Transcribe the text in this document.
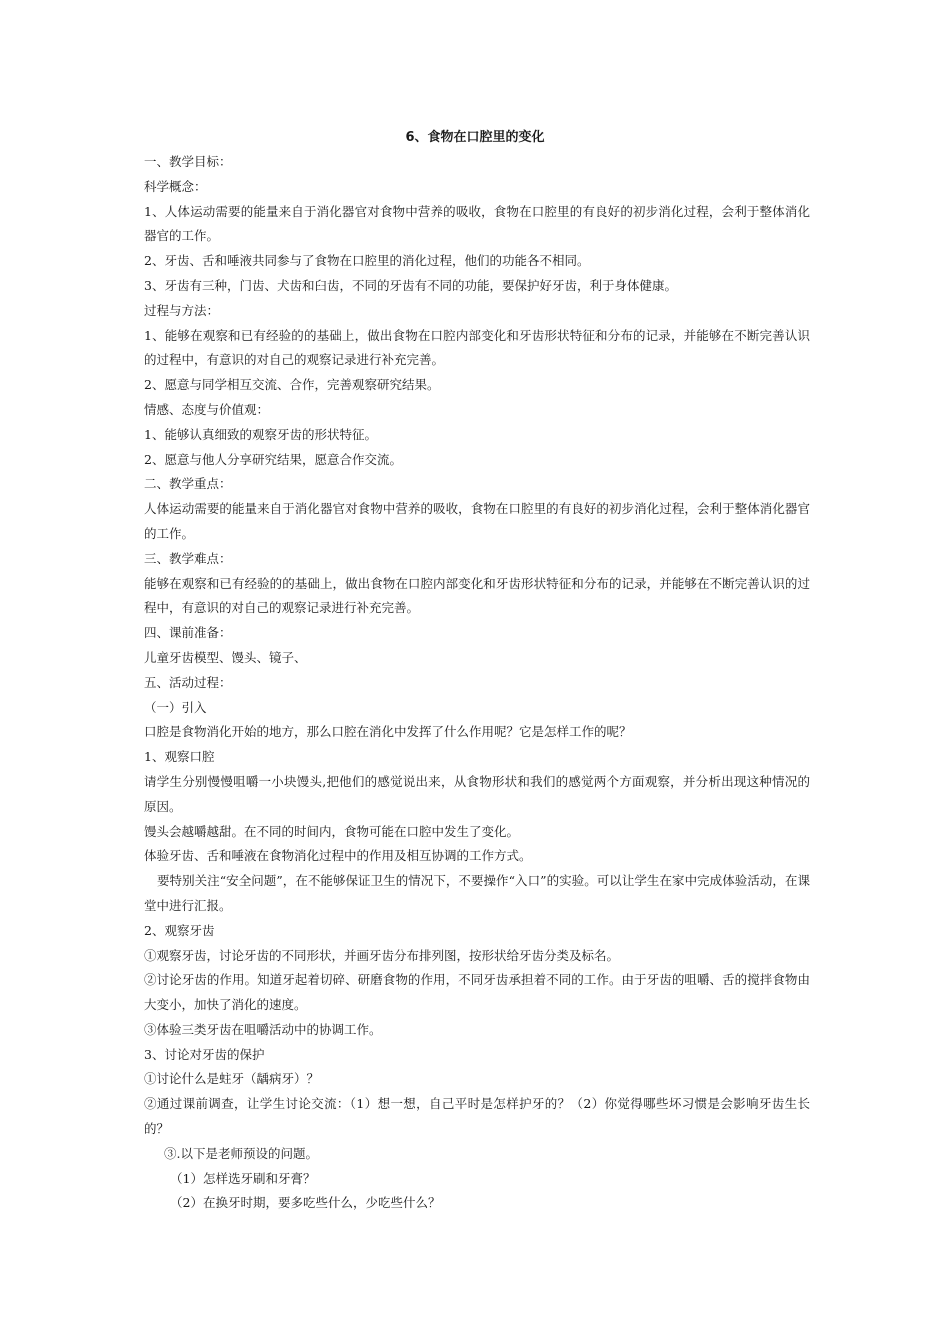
6、食物在口腔里的变化

一、教学目标：

科学概念：

1、人体运动需要的能量来自于消化器官对食物中营养的吸收，食物在口腔里的有良好的初步消化过程，会利于整体消化器官的工作。

2、牙齿、舌和唾液共同参与了食物在口腔里的消化过程，他们的功能各不相同。

3、牙齿有三种，门齿、犬齿和臼齿，不同的牙齿有不同的功能，要保护好牙齿，利于身体健康。

过程与方法：

1、能够在观察和已有经验的的基础上，做出食物在口腔内部变化和牙齿形状特征和分布的记录，并能够在不断完善认识的过程中，有意识的对自己的观察记录进行补充完善。

2、愿意与同学相互交流、合作，完善观察研究结果。

情感、态度与价值观：

1、能够认真细致的观察牙齿的形状特征。

2、愿意与他人分享研究结果，愿意合作交流。

二、教学重点：

人体运动需要的能量来自于消化器官对食物中营养的吸收，食物在口腔里的有良好的初步消化过程，会利于整体消化器官的工作。

三、教学难点：

能够在观察和已有经验的的基础上，做出食物在口腔内部变化和牙齿形状特征和分布的记录，并能够在不断完善认识的过程中，有意识的对自己的观察记录进行补充完善。

四、课前准备：

儿童牙齿模型、馒头、镜子、

五、活动过程：

（一）引入

口腔是食物消化开始的地方，那么口腔在消化中发挥了什么作用呢？它是怎样工作的呢？

1、观察口腔

请学生分别慢慢咀嚼一小块馒头,把他们的感觉说出来，从食物形状和我们的感觉两个方面观察，并分析出现这种情况的原因。

馒头会越嚼越甜。在不同的时间内，食物可能在口腔中发生了变化。

体验牙齿、舌和唾液在食物消化过程中的作用及相互协调的工作方式。

要特别关注“安全问题”，在不能够保证卫生的情况下，不要操作“入口”的实验。可以让学生在家中完成体验活动，在课堂中进行汇报。

2、观察牙齿

①观察牙齿，讨论牙齿的不同形状，并画牙齿分布排列图，按形状给牙齿分类及标名。

②讨论牙齿的作用。知道牙起着切碎、研磨食物的作用，不同牙齿承担着不同的工作。由于牙齿的咀嚼、舌的搅拌食物由大变小，加快了消化的速度。

③体验三类牙齿在咀嚼活动中的协调工作。

3、讨论对牙齿的保护

①讨论什么是蛀牙（龋病牙）？

②通过课前调查，让学生讨论交流：（1）想一想，自己平时是怎样护牙的？（2）你觉得哪些坏习惯是会影响牙齿生长的？

③.以下是老师预设的问题。

（1）怎样选牙刷和牙膏？

（2）在换牙时期，要多吃些什么，少吃些什么？
